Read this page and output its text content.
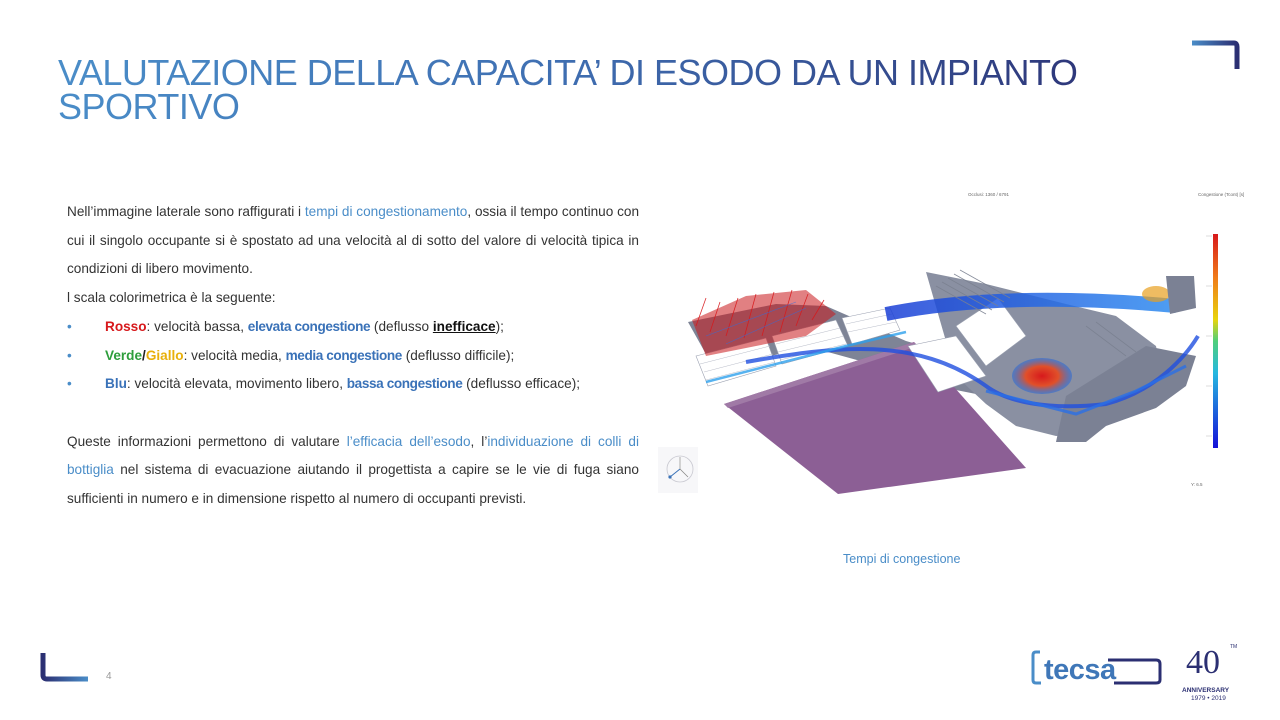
VALUTAZIONE DELLA CAPACITA’ DI ESODO DA UN IMPIANTO SPORTIVO

Nell’immagine laterale sono raffigurati i tempi di congestionamento, ossia il tempo continuo con cui il singolo occupante si è spostato ad una velocità al di sotto del valore di velocità tipica in condizioni di libero movimento.

l scala colorimetrica è la seguente:

• Rosso: velocità bassa, elevata congestione (deflusso inefficace);
• Verde/Giallo: velocità media, media congestione (deflusso difficile);
• Blu: velocità elevata, movimento libero, bassa congestione (deflusso efficace);

Queste informazioni permettono di valutare l’efficacia dell’esodo, l’individuazione di colli di bottiglia nel sistema di evacuazione aiutando il progettista a capire se le vie di fuga siano sufficienti in numero e in dimensione rispetto al numero di occupanti previsti.

Occlusi: 1360 / 6791	Congestione (Tcont) [s]
Y: 6.5
Tempi di congestione
4	tecsa 40 TM
ANNIVERSARY
1979 • 2019
